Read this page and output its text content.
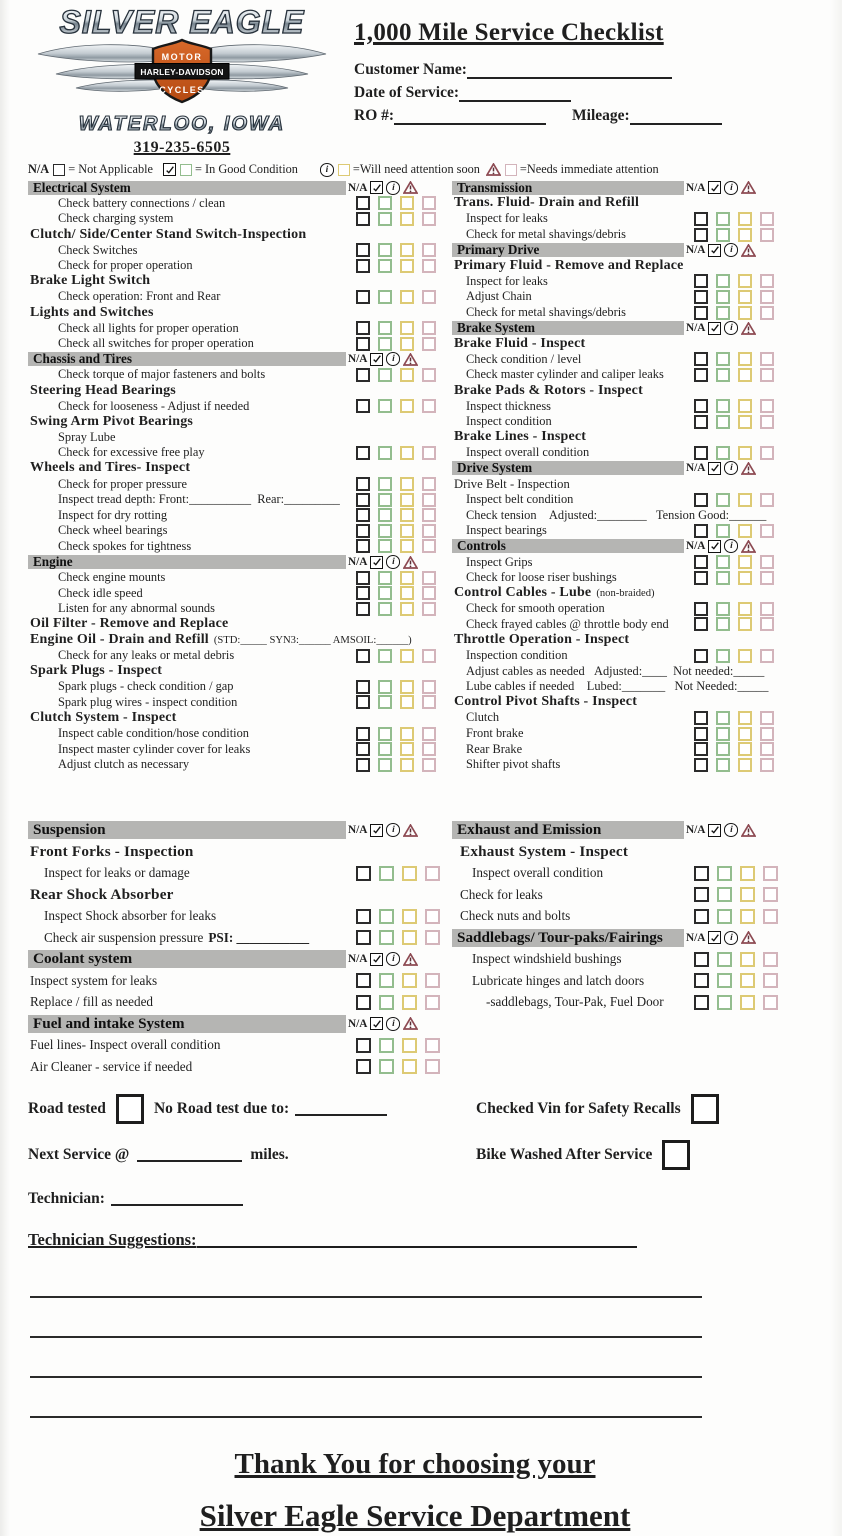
SILVER EAGLE
MOTOR
HARLEY-DAVIDSON
CYCLES
WATERLOO, IOWA
319-235-6505
1,000 Mile Service Checklist
Customer Name:
Date of Service:
RO #:	Mileage:
N/A = Not Applicable	= In Good Condition	i	=Will need attention soon	=Needs immediate attention
Electrical System	N/A	i
Check battery connections / clean
Check charging system
Clutch/ Side/Center Stand Switch-Inspection
Check Switches
Check for proper operation
Brake Light Switch
Check operation: Front and Rear
Lights and Switches
Check all lights for proper operation
Check all switches for proper operation
Chassis and Tires	N/A	i
Check torque of major fasteners and bolts
Steering Head Bearings
Check for looseness - Adjust if needed
Swing Arm Pivot Bearings
Spray Lube
Check for excessive free play
Wheels and Tires- Inspect
Check for proper pressure
Inspect tread depth: Front:__________  Rear:_________
Inspect for dry rotting
Check wheel bearings
Check spokes for tightness
Engine	N/A	i
Check engine mounts
Check idle speed
Listen for any abnormal sounds
Oil Filter - Remove and Replace
Engine Oil - Drain and Refill (STD:_____ SYN3:______ AMSOIL:______)
Check for any leaks or metal debris
Spark Plugs - Inspect
Spark plugs - check condition / gap
Spark plug wires - inspect condition
Clutch System - Inspect
Inspect cable condition/hose condition
Inspect master cylinder cover for leaks
Adjust clutch as necessary
Transmission	N/A	i
Trans. Fluid- Drain and Refill
Inspect for leaks
Check for metal shavings/debris
Primary Drive	N/A	i
Primary Fluid - Remove and Replace
Inspect for leaks
Adjust Chain
Check for metal shavings/debris
Brake System	N/A	i
Brake Fluid - Inspect
Check condition / level
Check master cylinder and caliper leaks
Brake Pads & Rotors - Inspect
Inspect thickness
Inspect condition
Brake Lines - Inspect
Inspect overall condition
Drive System	N/A	i
Drive Belt - Inspection
Inspect belt condition
Check tension    Adjusted:________   Tension Good:______
Inspect bearings
Controls	N/A	i
Inspect Grips
Check for loose riser bushings
Control Cables - Lube (non-braided)
Check for smooth operation
Check frayed cables @ throttle body end
Throttle Operation - Inspect
Inspection condition
Adjust cables as needed   Adjusted:____  Not needed:_____
Lube cables if needed    Lubed:_______   Not Needed:_____
Control Pivot Shafts - Inspect
Clutch
Front brake
Rear Brake
Shifter pivot shafts
Suspension	N/A	i
Front Forks - Inspection
Inspect for leaks or damage
Rear Shock Absorber
Inspect Shock absorber for leaks
Check air suspension pressure PSI: ___________
Coolant system	N/A	i
Inspect system for leaks
Replace / fill as needed
Fuel and intake System	N/A	i
Fuel lines- Inspect overall condition
Air Cleaner - service if needed
Exhaust and Emission	N/A	i
Exhaust System - Inspect
Inspect overall condition
Check for leaks
Check nuts and bolts
Saddlebags/ Tour-paks/Fairings	N/A	i
Inspect windshield bushings
Lubricate hinges and latch doors
-saddlebags, Tour-Pak, Fuel Door
Road tested	No Road test due to:	Checked Vin for Safety Recalls
Next Service @	miles.	Bike Washed After Service
Technician:
Technician Suggestions:
Thank You for choosing your
Silver Eagle Service Department
